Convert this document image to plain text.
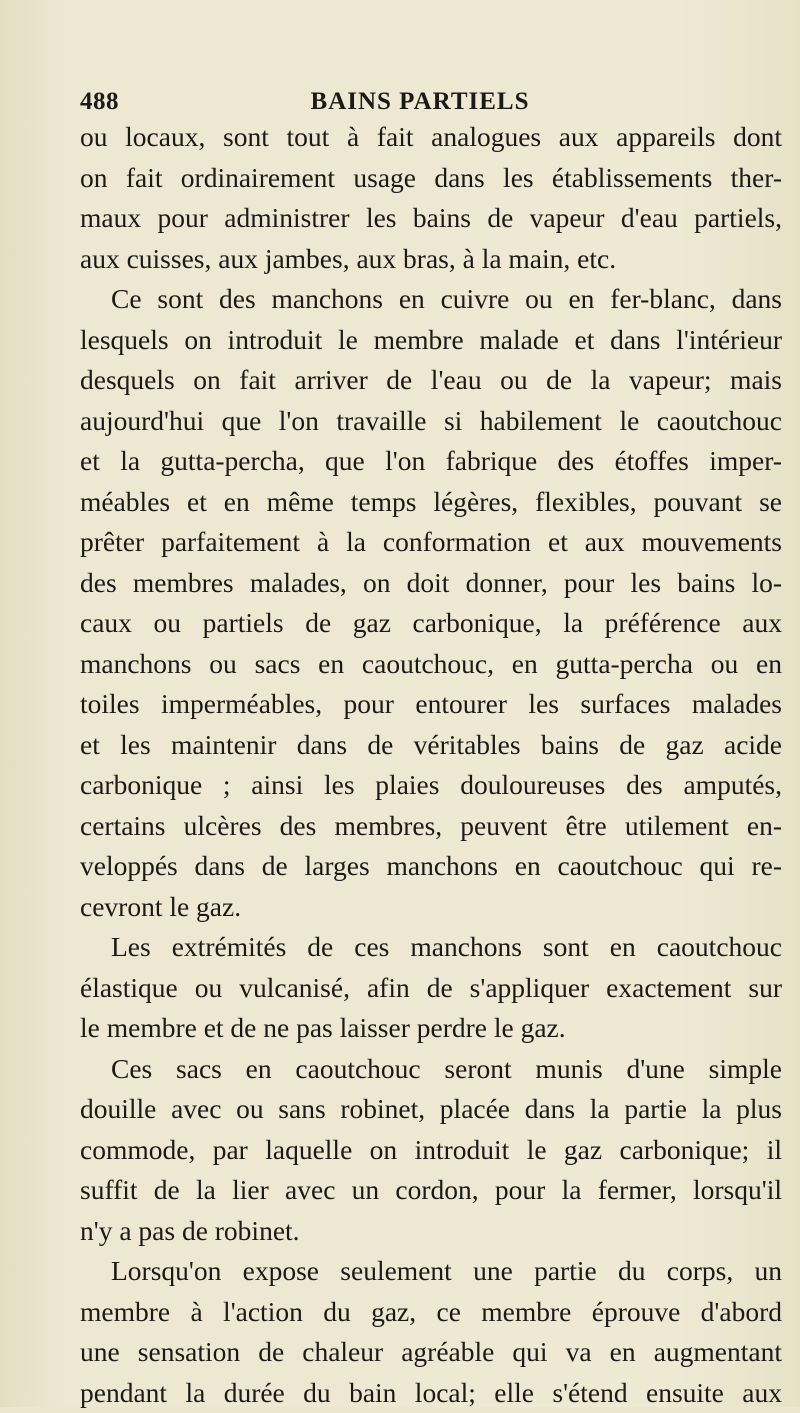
488	BAINS PARTIELS
ou locaux, sont tout à fait analogues aux appareils dont
on fait ordinairement usage dans les établissements ther-
maux pour administrer les bains de vapeur d'eau partiels,
aux cuisses, aux jambes, aux bras, à la main, etc.
Ce sont des manchons en cuivre ou en fer-blanc, dans
lesquels on introduit le membre malade et dans l'intérieur
desquels on fait arriver de l'eau ou de la vapeur; mais
aujourd'hui que l'on travaille si habilement le caoutchouc
et la gutta-percha, que l'on fabrique des étoffes imper-
méables et en même temps légères, flexibles, pouvant se
prêter parfaitement à la conformation et aux mouvements
des membres malades, on doit donner, pour les bains lo-
caux ou partiels de gaz carbonique, la préférence aux
manchons ou sacs en caoutchouc, en gutta-percha ou en
toiles imperméables, pour entourer les surfaces malades
et les maintenir dans de véritables bains de gaz acide
carbonique ; ainsi les plaies douloureuses des amputés,
certains ulcères des membres, peuvent être utilement en-
veloppés dans de larges manchons en caoutchouc qui re-
cevront le gaz.
Les extrémités de ces manchons sont en caoutchouc
élastique ou vulcanisé, afin de s'appliquer exactement sur
le membre et de ne pas laisser perdre le gaz.
Ces sacs en caoutchouc seront munis d'une simple
douille avec ou sans robinet, placée dans la partie la plus
commode, par laquelle on introduit le gaz carbonique; il
suffit de la lier avec un cordon, pour la fermer, lorsqu'il
n'y a pas de robinet.
Lorsqu'on expose seulement une partie du corps, un
membre à l'action du gaz, ce membre éprouve d'abord
une sensation de chaleur agréable qui va en augmentant
pendant la durée du bain local; elle s'étend ensuite aux
